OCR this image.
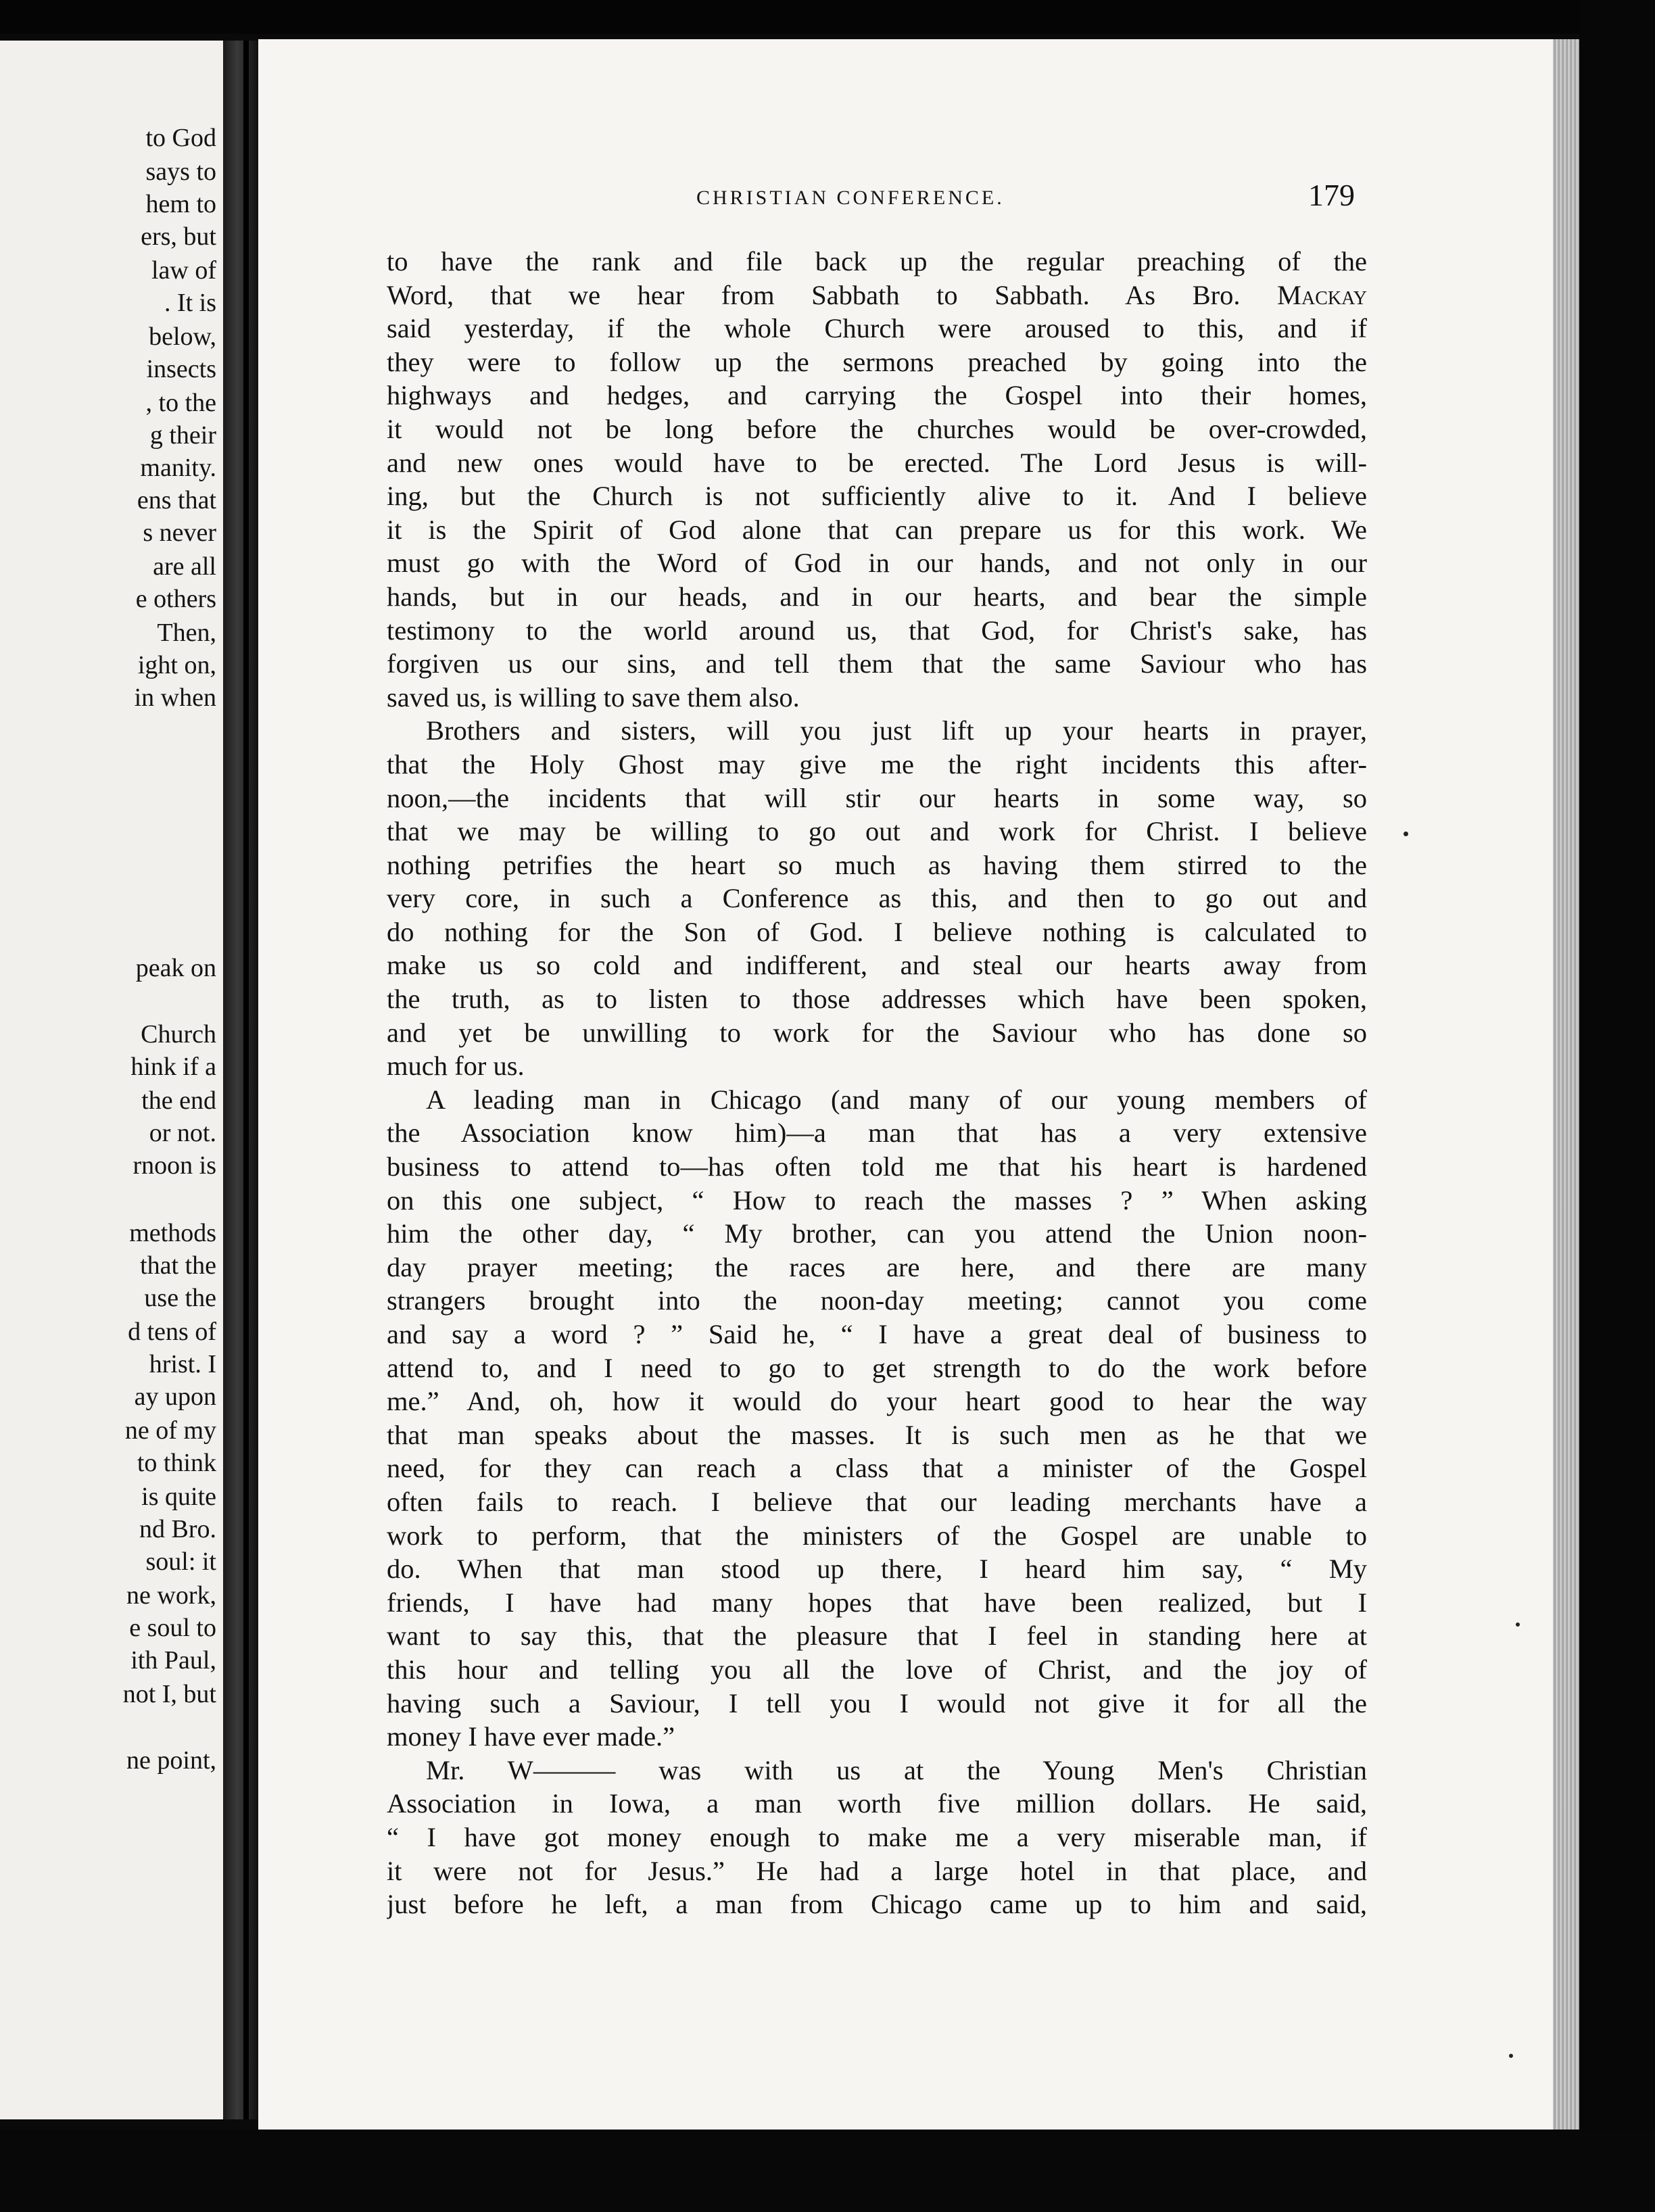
to God
says to
hem to
ers, but
law of
. It is
below,
insects
, to the
g their
manity.
ens that
s never
are all
e others
Then,
ight on,
in when
peak on
Church
hink if a
the end
or not.
rnoon is
methods
that the
use the
d tens of
hrist. I
ay upon
ne of my
to think
is quite
nd Bro.
soul: it
ne work,
e soul to
ith Paul,
not I, but
ne point,
CHRISTIAN CONFERENCE.	179
to have the rank and file back up the regular preaching of the
Word, that we hear from Sabbath to Sabbath. As Bro. Mackay
said yesterday, if the whole Church were aroused to this, and if
they were to follow up the sermons preached by going into the
highways and hedges, and carrying the Gospel into their homes,
it would not be long before the churches would be over-crowded,
and new ones would have to be erected. The Lord Jesus is will-
ing, but the Church is not sufficiently alive to it. And I believe
it is the Spirit of God alone that can prepare us for this work. We
must go with the Word of God in our hands, and not only in our
hands, but in our heads, and in our hearts, and bear the simple
testimony to the world around us, that God, for Christ's sake, has
forgiven us our sins, and tell them that the same Saviour who has
saved us, is willing to save them also.
Brothers and sisters, will you just lift up your hearts in prayer,
that the Holy Ghost may give me the right incidents this after-
noon,—the incidents that will stir our hearts in some way, so
that we may be willing to go out and work for Christ. I believe
nothing petrifies the heart so much as having them stirred to the
very core, in such a Conference as this, and then to go out and
do nothing for the Son of God. I believe nothing is calculated to
make us so cold and indifferent, and steal our hearts away from
the truth, as to listen to those addresses which have been spoken,
and yet be unwilling to work for the Saviour who has done so
much for us.
A leading man in Chicago (and many of our young members of
the Association know him)—a man that has a very extensive
business to attend to—has often told me that his heart is hardened
on this one subject, “ How to reach the masses ? ” When asking
him the other day, “ My brother, can you attend the Union noon-
day prayer meeting; the races are here, and there are many
strangers brought into the noon-day meeting; cannot you come
and say a word ? ” Said he, “ I have a great deal of business to
attend to, and I need to go to get strength to do the work before
me.” And, oh, how it would do your heart good to hear the way
that man speaks about the masses. It is such men as he that we
need, for they can reach a class that a minister of the Gospel
often fails to reach. I believe that our leading merchants have a
work to perform, that the ministers of the Gospel are unable to
do. When that man stood up there, I heard him say, “ My
friends, I have had many hopes that have been realized, but I
want to say this, that the pleasure that I feel in standing here at
this hour and telling you all the love of Christ, and the joy of
having such a Saviour, I tell you I would not give it for all the
money I have ever made.”
Mr. W——— was with us at the Young Men's Christian
Association in Iowa, a man worth five million dollars. He said,
“ I have got money enough to make me a very miserable man, if
it were not for Jesus.” He had a large hotel in that place, and
just before he left, a man from Chicago came up to him and said,
